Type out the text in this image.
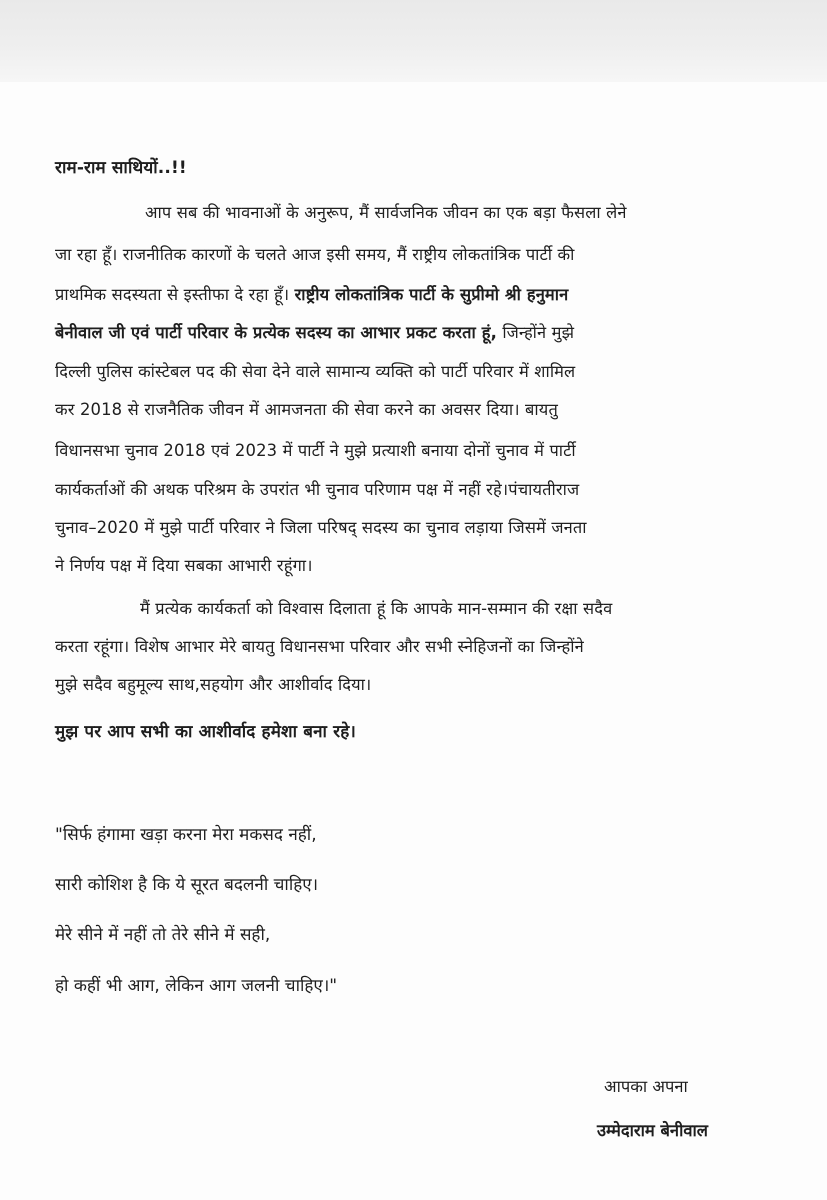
राम-राम साथियों..!!
आप सब की भावनाओं के अनुरूप, मैं सार्वजनिक जीवन का एक बड़ा फैसला लेने
जा रहा हूँ। राजनीतिक कारणों के चलते आज इसी समय, मैं राष्ट्रीय लोकतांत्रिक पार्टी की
प्राथमिक सदस्यता से इस्तीफा दे रहा हूँ। राष्ट्रीय लोकतांत्रिक पार्टी के सुप्रीमो श्री हनुमान
बेनीवाल जी एवं पार्टी परिवार के प्रत्येक सदस्य का आभार प्रकट करता हूं, जिन्होंने मुझे
दिल्ली पुलिस कांस्टेबल पद की सेवा देने वाले सामान्य व्यक्ति को पार्टी परिवार में शामिल
कर 2018 से राजनैतिक जीवन में आमजनता की सेवा करने का अवसर दिया। बायतु
विधानसभा चुनाव 2018 एवं 2023 में पार्टी ने मुझे प्रत्याशी बनाया दोनों चुनाव में पार्टी
कार्यकर्ताओं की अथक परिश्रम के उपरांत भी चुनाव परिणाम पक्ष में नहीं रहे।पंचायतीराज
चुनाव–2020 में मुझे पार्टी परिवार ने जिला परिषद् सदस्य का चुनाव लड़ाया जिसमें जनता
ने निर्णय पक्ष में दिया सबका आभारी रहूंगा।
मैं प्रत्येक कार्यकर्ता को विश्वास दिलाता हूं कि आपके मान-सम्मान की रक्षा सदैव
करता रहूंगा। विशेष आभार मेरे बायतु विधानसभा परिवार और सभी स्नेहिजनों का जिन्होंने
मुझे सदैव बहुमूल्य साथ,सहयोग और आशीर्वाद दिया।
मुझ पर आप सभी का आशीर्वाद हमेशा बना रहे।
"सिर्फ हंगामा खड़ा करना मेरा मकसद नहीं,
सारी कोशिश है कि ये सूरत बदलनी चाहिए।
मेरे सीने में नहीं तो तेरे सीने में सही,
हो कहीं भी आग, लेकिन आग जलनी चाहिए।"
आपका अपना
उम्मेदाराम बेनीवाल
